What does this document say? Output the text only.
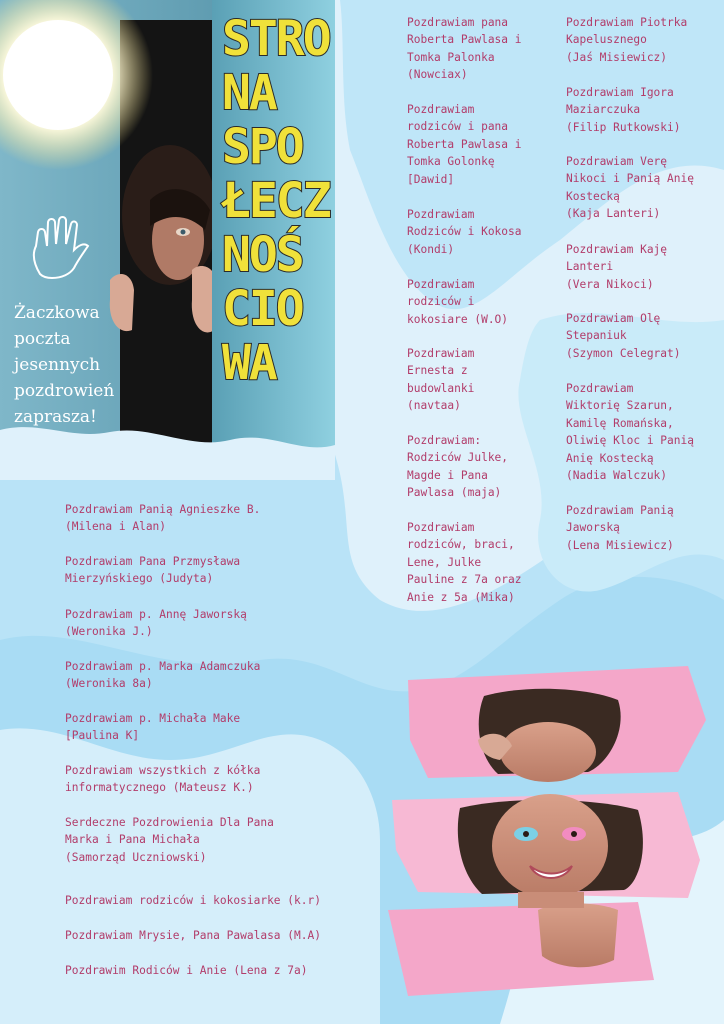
STRO
NA
SPO
ŁECZ
NOŚ
CIO
WA
Żaczkowa
poczta
jesennych
pozdrowień
zaprasza!
Pozdrawiam pana
Roberta Pawlasa i
Tomka Palonka
(Nowciax)
Pozdrawiam
rodziców i pana
Roberta Pawlasa i
Tomka Golonkę
[Dawid]
Pozdrawiam
Rodziców i Kokosa
(Kondi)
Pozdrawiam
rodziców i
kokosiare (W.O)
Pozdrawiam
Ernesta z
budowlanki
(navtaa)
Pozdrawiam:
Rodziców Julke,
Magde i Pana
Pawlasa (maja)
Pozdrawiam
rodziców, braci,
Lene, Julke
Pauline z 7a oraz
Anie z 5a (Mika)
Pozdrawiam Piotrka
Kapelusznego
(Jaś Misiewicz)
Pozdrawiam Igora
Maziarczuka
(Filip Rutkowski)
Pozdrawiam Verę
Nikoci i Panią Anię
Kostecką
(Kaja Lanteri)
Pozdrawiam Kaję
Lanteri
(Vera Nikoci)
Pozdrawiam Olę
Stepaniuk
(Szymon Celegrat)
Pozdrawiam
Wiktorię Szarun,
Kamilę Romańska,
Oliwię Kloc i Panią
Anię Kostecką
(Nadia Walczuk)
Pozdrawiam Panią
Jaworską
(Lena Misiewicz)
Pozdrawiam Panią Agnieszke B.
(Milena i Alan)
Pozdrawiam Pana Przmysława
Mierzyńskiego (Judyta)
Pozdrawiam p. Annę Jaworską
(Weronika J.)
Pozdrawiam p. Marka Adamczuka
(Weronika 8a)
Pozdrawiam p. Michała Make
[Paulina K]
Pozdrawiam wszystkich z kółka
informatycznego (Mateusz K.)
Serdeczne Pozdrowienia Dla Pana
Marka i Pana Michała
(Samorząd Uczniowski)
Pozdrawiam rodziców i kokosiarke (k.r)
Pozdrawiam Mrysie, Pana Pawalasa (M.A)
Pozdrawim Rodiców i Anie (Lena z 7a)
